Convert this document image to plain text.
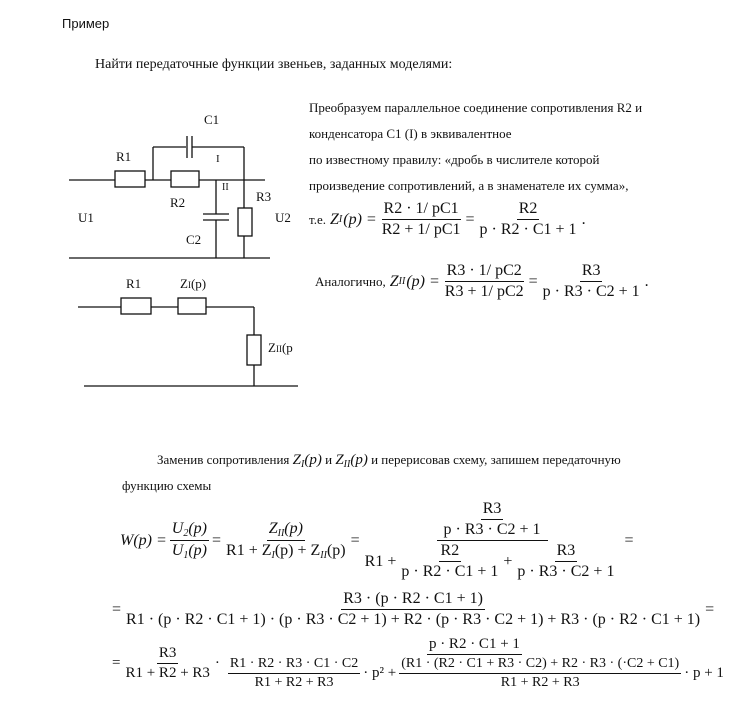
Пример
Найти передаточные функции звеньев, заданных моделями:
C1
R1	I
R2
II
R3
U1	U2
C2
R1	ZI(p)
ZII(p
Преобразуем параллельное соединение сопротивления R2 и
конденсатора C1 (I) в эквивалентное
по известному правилу: «дробь в числителе которой
произведение сопротивлений, а в знаменателе их сумма»,
т.е. Z I $(p) = \frac{R2 \cdot 1/ pC1}{R2 + 1/ pC1} = \frac{R2}{p \cdot R2 \cdot C1 + 1}$ .
Аналогично, Z II $(p) = \frac{R3 \cdot 1/ pC2}{R3 + 1/ pC2} = \frac{R3}{p \cdot R3 \cdot C2 + 1}$ .
Заменив сопротивления $Z_I(p)$ и $Z_{II}(p)$ и перерисовав схему, запишем передаточную
функцию схемы
$W(p) = \frac{U_2(p)}{U_1(p)} = \frac{Z_{II}(p)}{R1 + Z_I(p) + Z_{II}(p)} = \frac{\frac{R3}{p \cdot R3 \cdot C2 + 1}}{R1 + \frac{R2}{p \cdot R2 \cdot C1 + 1} + \frac{R3}{p \cdot R3 \cdot C2 + 1}}$ =
=
R3 · (p · R2 · C1 + 1)
R1 · (p · R2 · C1 + 1) · (p · R3 · C2 + 1) + R2 · (p · R3 · C2 + 1) + R3 · (p · R2 · C1 + 1)
=
= $\frac{R3}{R1 + R2 + R3}$ ·
p · R2 · C1 + 1
$\frac{R1 \cdot R2 \cdot R3 \cdot C1 \cdot C2}{R1 + R2 + R3} \cdot p^2 + \frac{(R1 \cdot (R2 \cdot C1 + R3 \cdot C2) + R2 \cdot R3 \cdot (\cdot C2 + C1)}{R1 + R2 + R3} \cdot p + 1$
